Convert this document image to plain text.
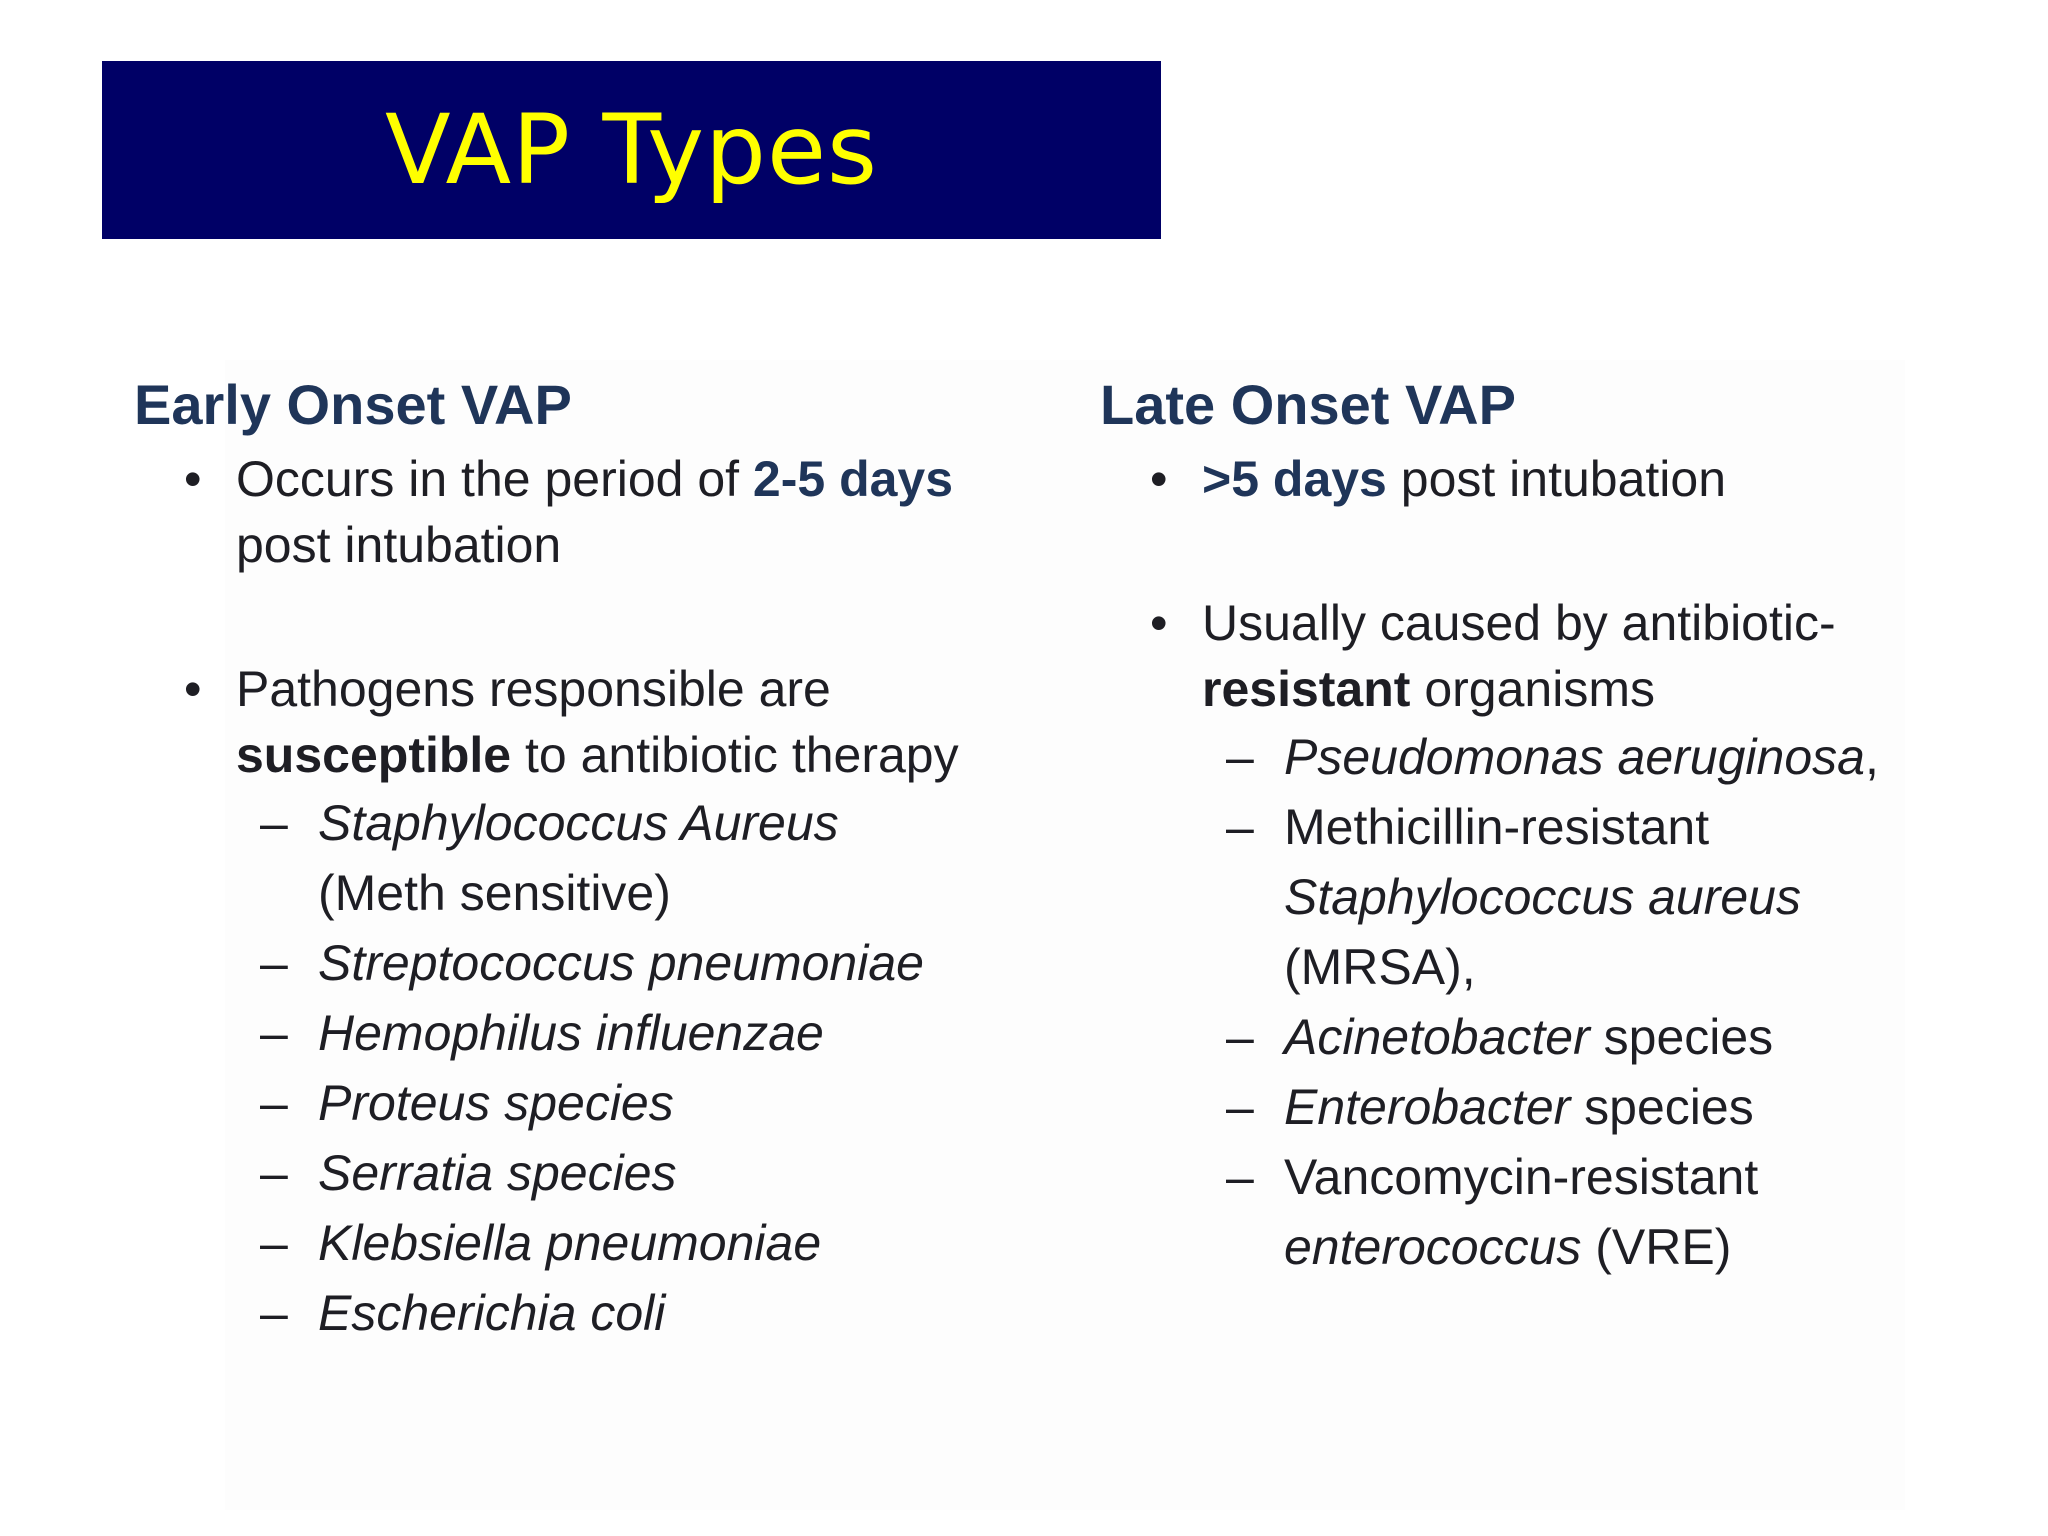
VAP Types
Early Onset VAP
• Occurs in the period of 2-5 days
post intubation
• Pathogens responsible are
susceptible to antibiotic therapy
– Staphylococcus Aureus
(Meth sensitive)
– Streptococcus pneumoniae
– Hemophilus influenzae
– Proteus species
– Serratia species
– Klebsiella pneumoniae
– Escherichia coli
Late Onset VAP
• >5 days post intubation
• Usually caused by antibiotic-
resistant organisms
– Pseudomonas aeruginosa,
– Methicillin-resistant
Staphylococcus aureus
(MRSA),
– Acinetobacter species
– Enterobacter species
– Vancomycin-resistant
enterococcus (VRE)
